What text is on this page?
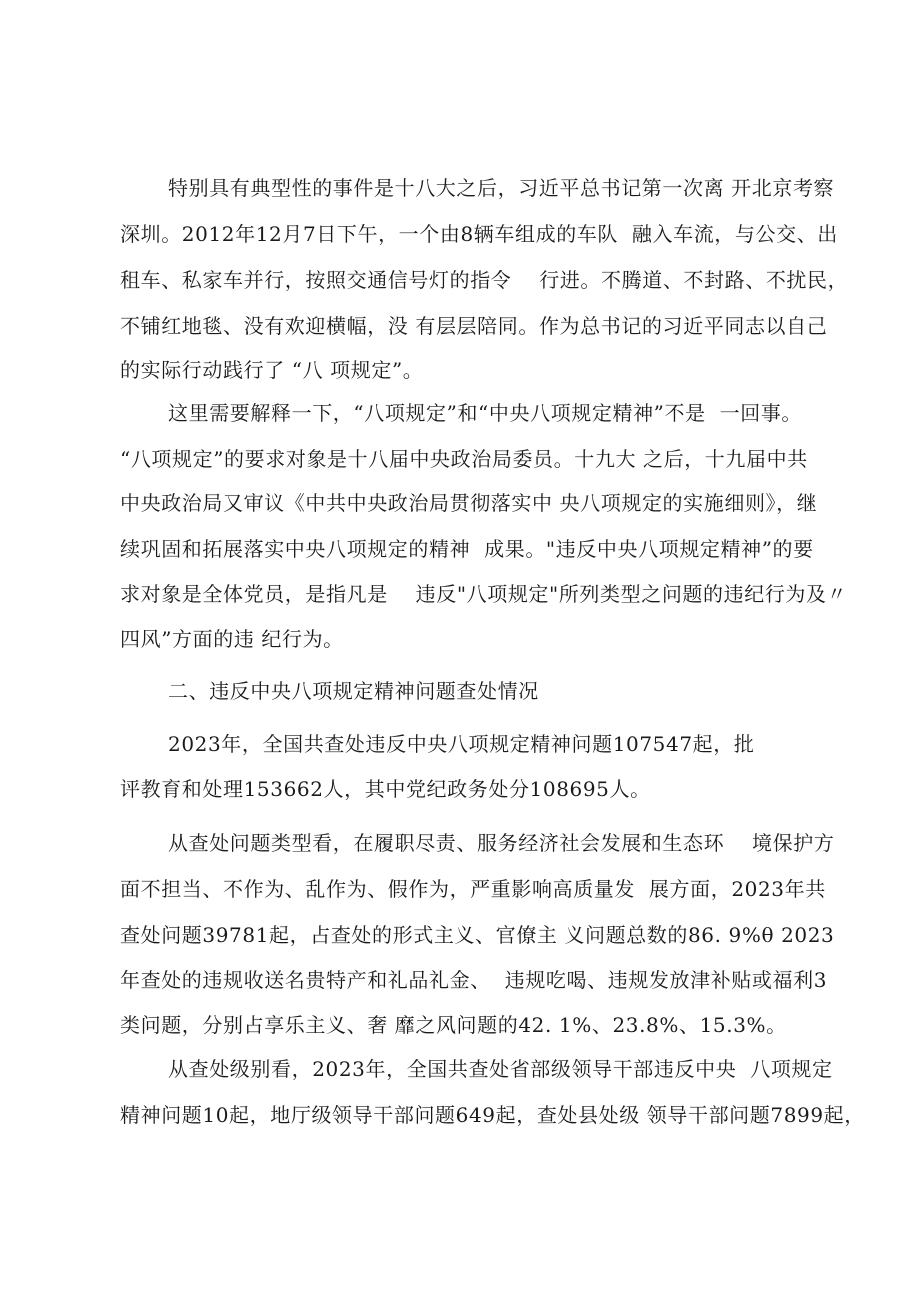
特别具有典型性的事件是十八大之后，习近平总书记第一次离 开北京考察
深圳。2012年12月7日下午，一个由8辆车组成的车队  融入车流，与公交、出
租车、私家车并行，按照交通信号灯的指令    行进。不腾道、不封路、不扰民，
不铺红地毯、没有欢迎横幅，没 有层层陪同。作为总书记的习近平同志以自己
的实际行动践行了 “八 项规定”。
这里需要解释一下，“八项规定”和“中央八项规定精神”不是  一回事。
“八项规定”的要求对象是十八届中央政治局委员。十九大 之后，十九届中共
中央政治局又审议《中共中央政治局贯彻落实中 央八项规定的实施细则》，继
续巩固和拓展落实中央八项规定的精神  成果。"违反中央八项规定精神”的要
求对象是全体党员，是指凡是    违反"八项规定"所列类型之问题的违纪行为及〃
四风”方面的违 纪行为。
二、违反中央八项规定精神问题查处情况
2023年，全国共查处违反中央八项规定精神问题107547起，批
评教育和处理153662人，其中党纪政务处分108695人。
从查处问题类型看，在履职尽责、服务经济社会发展和生态环    境保护方
面不担当、不作为、乱作为、假作为，严重影响高质量发  展方面，2023年共
查处问题39781起，占查处的形式主义、官僚主 义问题总数的86. 9%θ 2023
年查处的违规收送名贵特产和礼品礼金、  违规吃喝、违规发放津补贴或福利3
类问题，分别占享乐主义、奢 靡之风问题的42. 1%、23.8%、15.3%。
从查处级别看，2023年，全国共查处省部级领导干部违反中央  八项规定
精神问题10起，地厅级领导干部问题649起，查处县处级 领导干部问题7899起，
